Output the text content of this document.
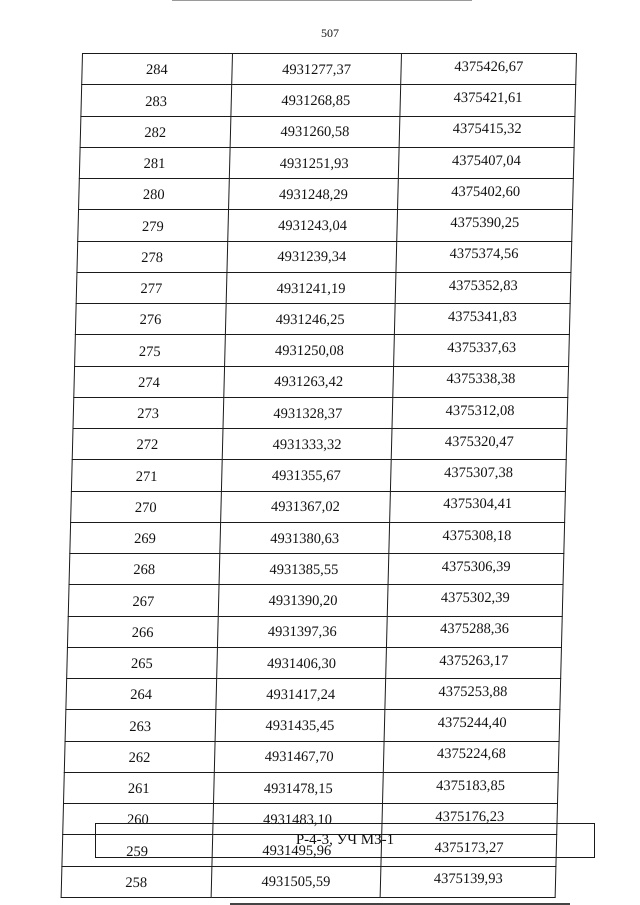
507
284	4931277,37	4375426,67
283	4931268,85	4375421,61
282	4931260,58	4375415,32
281	4931251,93	4375407,04
280	4931248,29	4375402,60
279	4931243,04	4375390,25
278	4931239,34	4375374,56
277	4931241,19	4375352,83
276	4931246,25	4375341,83
275	4931250,08	4375337,63
274	4931263,42	4375338,38
273	4931328,37	4375312,08
272	4931333,32	4375320,47
271	4931355,67	4375307,38
270	4931367,02	4375304,41
269	4931380,63	4375308,18
268	4931385,55	4375306,39
267	4931390,20	4375302,39
266	4931397,36	4375288,36
265	4931406,30	4375263,17
264	4931417,24	4375253,88
263	4931435,45	4375244,40
262	4931467,70	4375224,68
261	4931478,15	4375183,85
260	4931483,10	4375176,23
259	4931495,96	4375173,27
258	4931505,59	4375139,93
Р-4-3, УЧ МЗ-1
